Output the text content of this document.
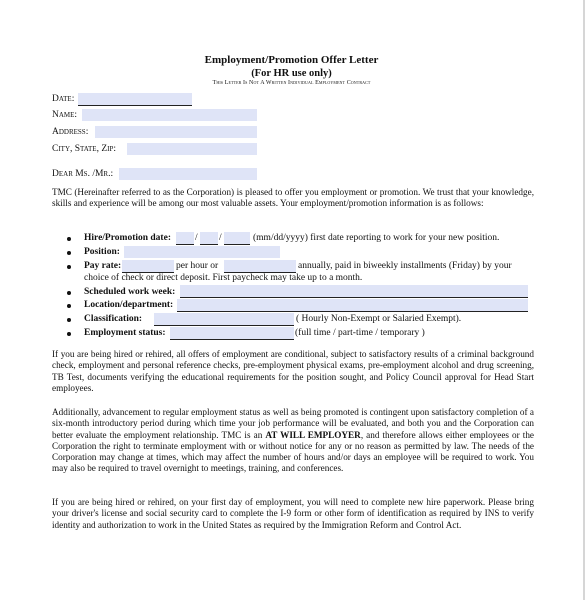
Employment/Promotion Offer Letter
(For HR use only)
This Letter Is Not A Written Individual Employment Contract
Date:
Name:
Address:
City, State, Zip:
Dear Ms. /Mr.:
TMC (Hereinafter referred to as the Corporation) is pleased to offer you employment or promotion. We trust that your knowledge, skills and experience will be among our most valuable assets. Your employment/promotion information is as follows:
Hire/Promotion date:	/ /	(mm/dd/yyyy) first date reporting to work for your new position.
Position:
Pay rate:	per hour or	annually, paid in biweekly installments (Friday) by your
choice of check or direct deposit. First paycheck may take up to a month.
Scheduled work week:
Location/department:
Classification:	( Hourly Non-Exempt or Salaried Exempt).
Employment status:	(full time / part-time / temporary )
If you are being hired or rehired, all offers of employment are conditional, subject to satisfactory results of a criminal background check, employment and personal reference checks, pre-employment physical exams, pre-employment alcohol and drug screening, TB Test, documents verifying the educational requirements for the position sought, and Policy Council approval for Head Start employees.
Additionally, advancement to regular employment status as well as being promoted is contingent upon satisfactory completion of a six-month introductory period during which time your job performance will be evaluated, and both you and the Corporation can better evaluate the employment relationship. TMC is an AT WILL EMPLOYER, and therefore allows either employees or the Corporation the right to terminate employment with or without notice for any or no reason as permitted by law. The needs of the Corporation may change at times, which may affect the number of hours and/or days an employee will be required to work. You may also be required to travel overnight to meetings, training, and conferences.
If you are being hired or rehired, on your first day of employment, you will need to complete new hire paperwork. Please bring your driver's license and social security card to complete the I-9 form or other form of identification as required by INS to verify identity and authorization to work in the United States as required by the Immigration Reform and Control Act.
